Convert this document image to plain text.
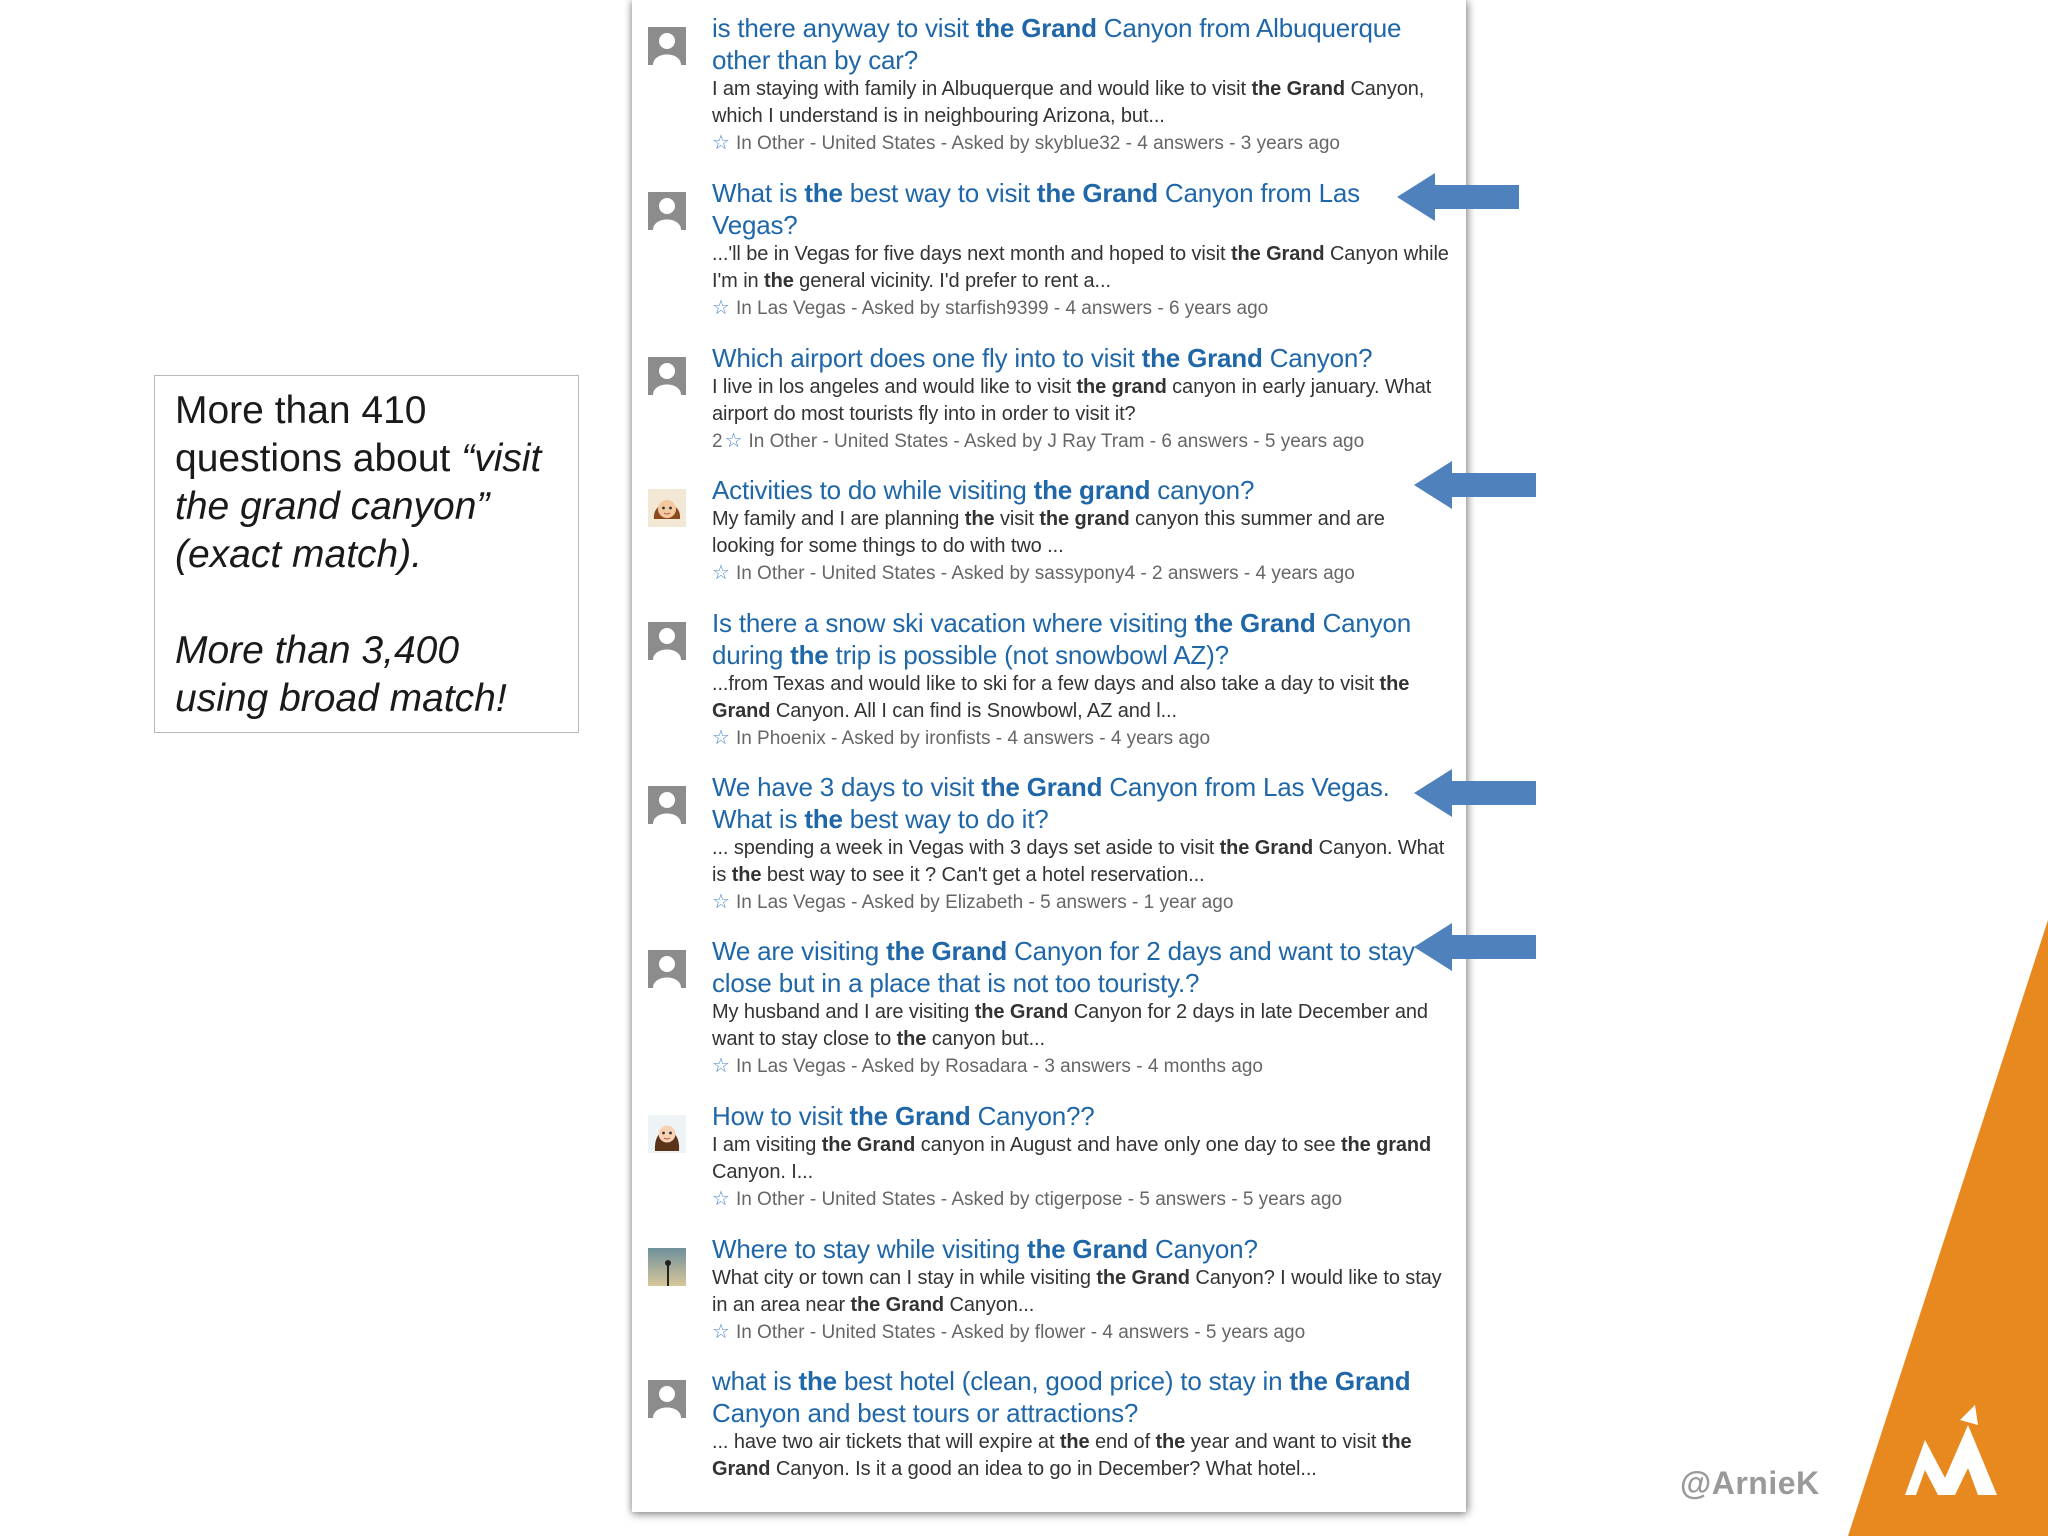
More than 410
questions about “visit
the grand canyon”
(exact match).
More than 3,400
using broad match!
@ArnieK

is there anyway to visit the Grand Canyon from Albuquerque other than by car?

I am staying with family in Albuquerque and would like to visit the Grand Canyon, which I understand is in neighbouring Arizona, but...

☆ In Other - United States - Asked by skyblue32 - 4 answers - 3 years ago

What is the best way to visit the Grand Canyon from Las Vegas?

...'ll be in Vegas for five days next month and hoped to visit the Grand Canyon while I'm in the general vicinity. I'd prefer to rent a...

☆ In Las Vegas - Asked by starfish9399 - 4 answers - 6 years ago

Which airport does one fly into to visit the Grand Canyon?

I live in los angeles and would like to visit the grand canyon in early january. What airport do most tourists fly into in order to visit it?

2 ☆ In Other - United States - Asked by J Ray Tram - 6 answers - 5 years ago

Activities to do while visiting the grand canyon?

My family and I are planning the visit the grand canyon this summer and are looking for some things to do with two ...

☆ In Other - United States - Asked by sassypony4 - 2 answers - 4 years ago

Is there a snow ski vacation where visiting the Grand Canyon during the trip is possible (not snowbowl AZ)?

...from Texas and would like to ski for a few days and also take a day to visit the Grand Canyon. All I can find is Snowbowl, AZ and l...

☆ In Phoenix - Asked by ironfists - 4 answers - 4 years ago

We have 3 days to visit the Grand Canyon from Las Vegas. What is the best way to do it?

... spending a week in Vegas with 3 days set aside to visit the Grand Canyon. What is the best way to see it ? Can't get a hotel reservation...

☆ In Las Vegas - Asked by Elizabeth - 5 answers - 1 year ago

We are visiting the Grand Canyon for 2 days and want to stay close but in a place that is not too touristy.?

My husband and I are visiting the Grand Canyon for 2 days in late December and want to stay close to the canyon but...

☆ In Las Vegas - Asked by Rosadara - 3 answers - 4 months ago

How to visit the Grand Canyon??

I am visiting the Grand canyon in August and have only one day to see the grand Canyon. I...

☆ In Other - United States - Asked by ctigerpose - 5 answers - 5 years ago

Where to stay while visiting the Grand Canyon?

What city or town can I stay in while visiting the Grand Canyon? I would like to stay in an area near the Grand Canyon...

☆ In Other - United States - Asked by flower - 4 answers - 5 years ago

what is the best hotel (clean, good price) to stay in the Grand Canyon and best tours or attractions?

... have two air tickets that will expire at the end of the year and want to visit the Grand Canyon. Is it a good an idea to go in December? What hotel...
